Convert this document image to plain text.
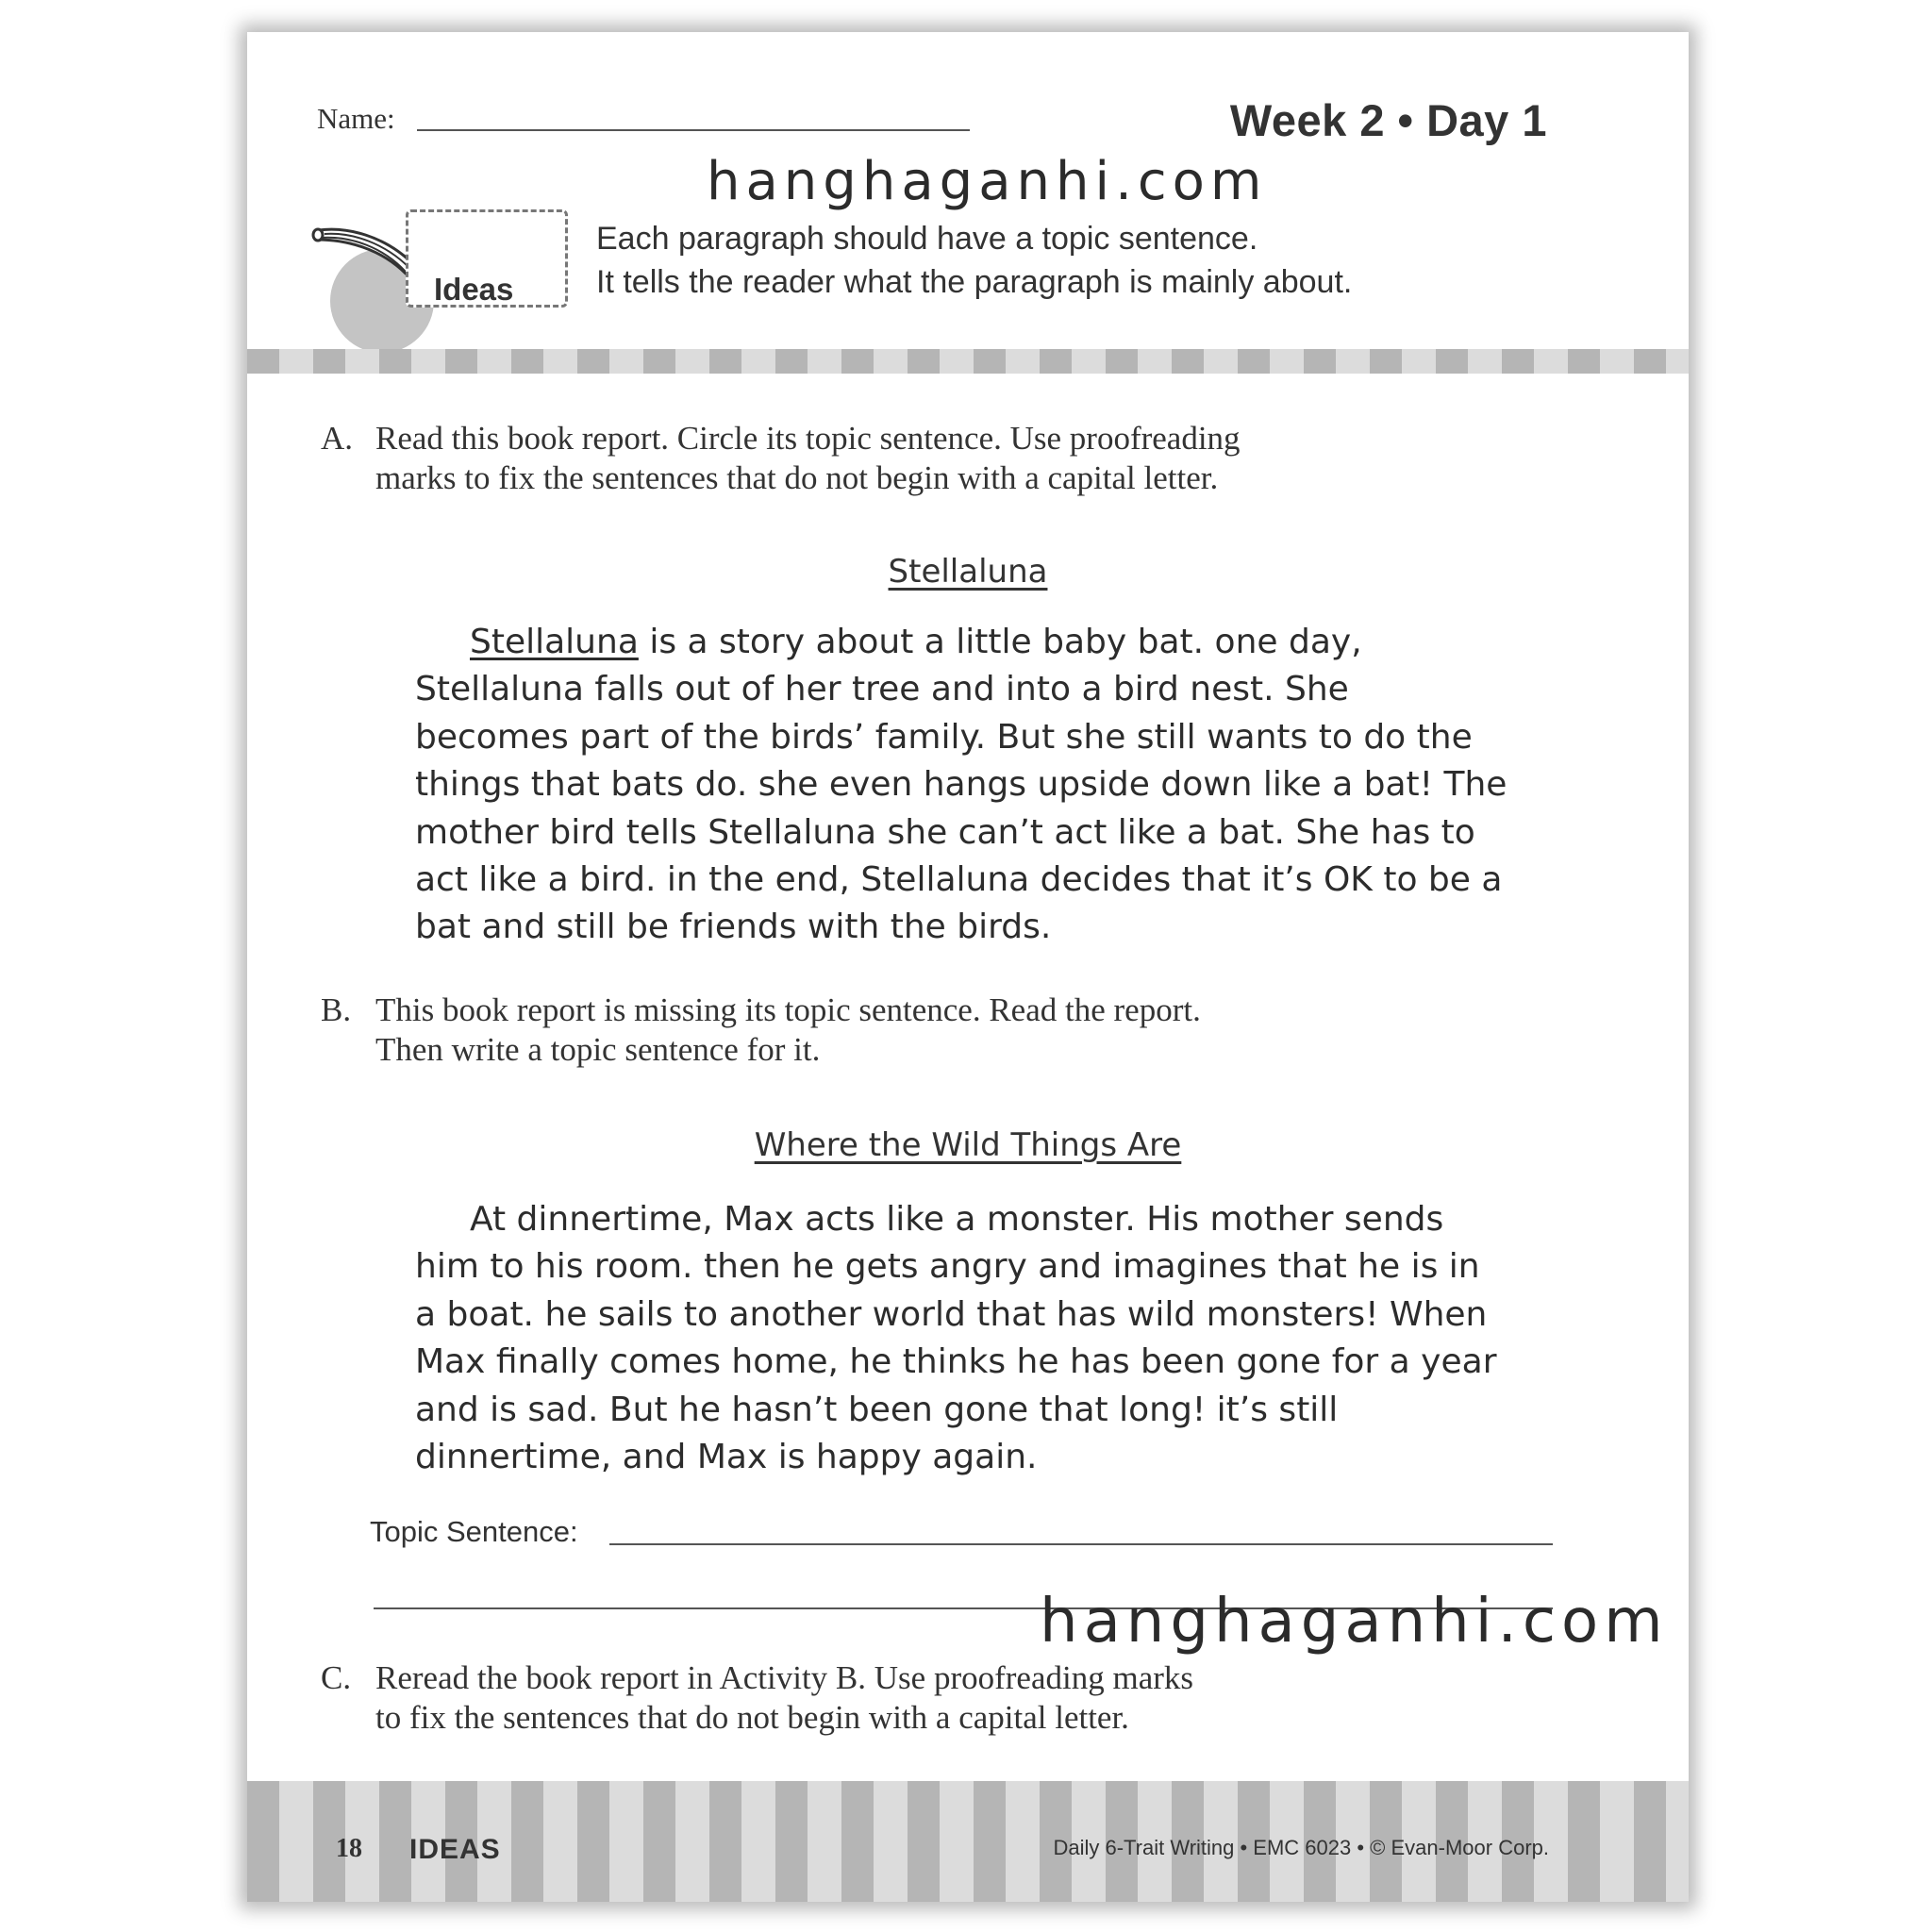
Name:	Week 2 • Day 1
hanghaganhi.com
Ideas
Each paragraph should have a topic sentence.
It tells the reader what the paragraph is mainly about.
A. Read this book report. Circle its topic sentence. Use proofreading
marks to fix the sentences that do not begin with a capital letter.
Stellaluna

Stellaluna is a story about a little baby bat. one day, Stellaluna falls out of her tree and into a bird nest. She becomes part of the birds’ family. But she still wants to do the things that bats do. she even hangs upside down like a bat! The mother bird tells Stellaluna she can’t act like a bat. She has to act like a bird. in the end, Stellaluna decides that it’s OK to be a bat and still be friends with the birds.

B. This book report is missing its topic sentence. Read the report.
Then write a topic sentence for it.
Where the Wild Things Are

At dinnertime, Max acts like a monster. His mother sends him to his room. then he gets angry and imagines that he is in a boat. he sails to another world that has wild monsters! When Max finally comes home, he thinks he has been gone for a year and is sad. But he hasn’t been gone that long! it’s still dinnertime, and Max is happy again.

Topic Sentence:
hanghaganhi.com
C. Reread the book report in Activity B. Use proofreading marks
to fix the sentences that do not begin with a capital letter.
18 IDEAS	Daily 6-Trait Writing • EMC 6023 • © Evan-Moor Corp.
